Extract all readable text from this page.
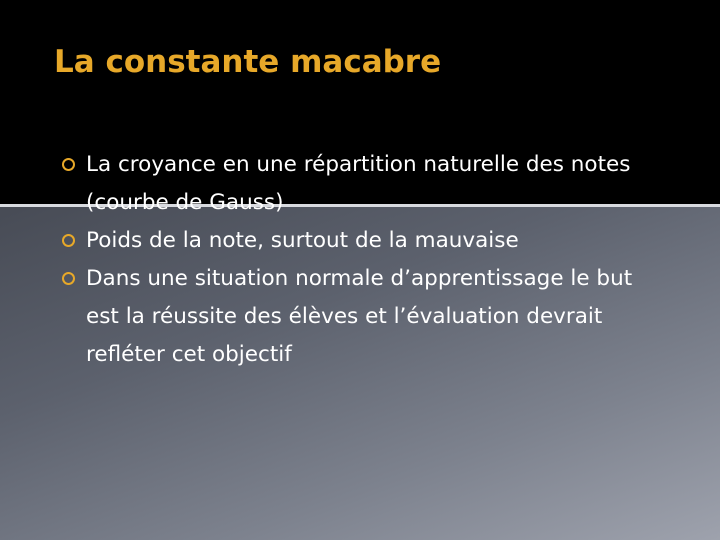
La constante macabre
La croyance en une répartition naturelle des notes (courbe de Gauss)
Poids de la note, surtout de la mauvaise
Dans une situation normale d’apprentissage le but est la réussite des élèves et l’évaluation devrait refléter cet objectif
